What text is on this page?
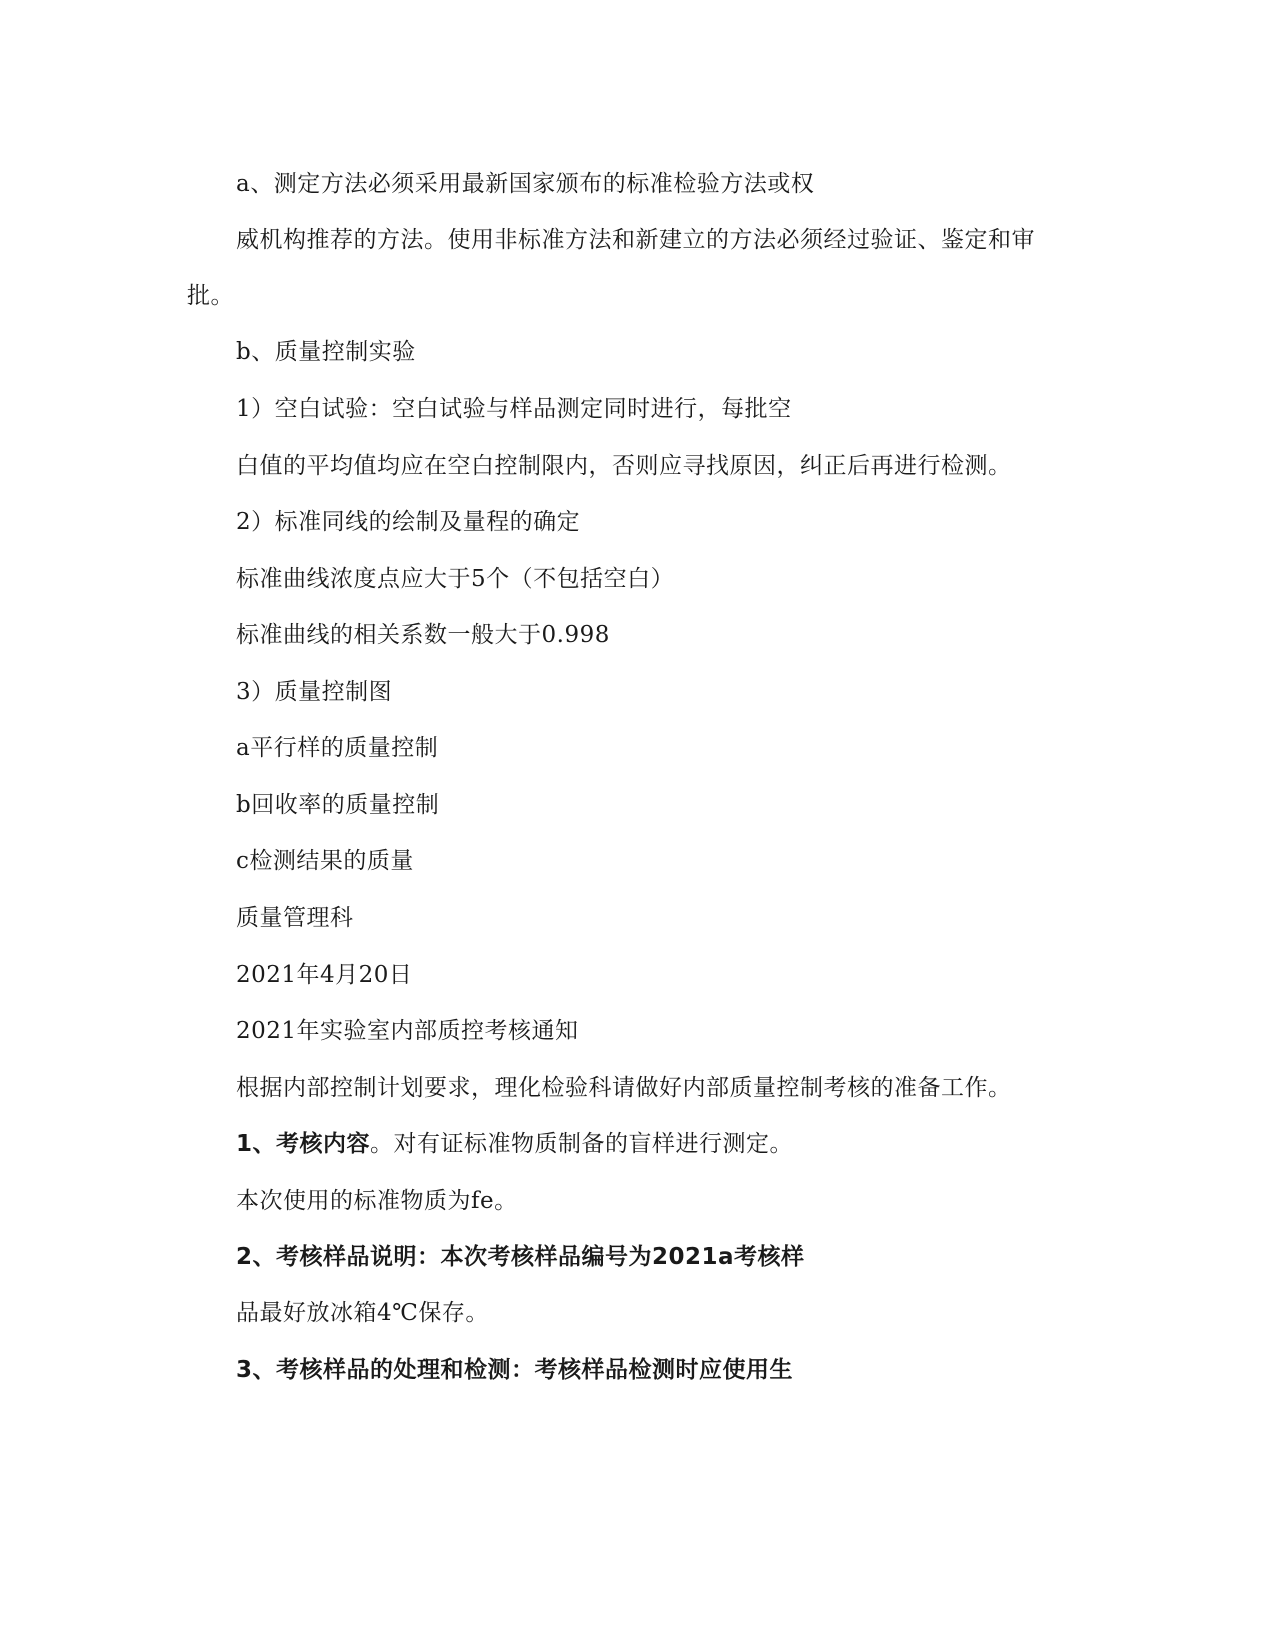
a、测定方法必须采用最新国家颁布的标准检验方法或权
威机构推荐的方法。使用非标准方法和新建立的方法必须经过验证、鉴定和审
批。
b、质量控制实验
1）空白试验：空白试验与样品测定同时进行，每批空
白值的平均值均应在空白控制限内，否则应寻找原因，纠正后再进行检测。
2）标准同线的绘制及量程的确定
标准曲线浓度点应大于5个（不包括空白）
标准曲线的相关系数一般大于0.998
3）质量控制图
a平行样的质量控制
b回收率的质量控制
c检测结果的质量
质量管理科
2021年4月20日
2021年实验室内部质控考核通知
根据内部控制计划要求，理化检验科请做好内部质量控制考核的准备工作。
1、考核内容。对有证标准物质制备的盲样进行测定。
本次使用的标准物质为fe。
2、考核样品说明：本次考核样品编号为2021a考核样
品最好放冰箱4℃保存。
3、考核样品的处理和检测：考核样品检测时应使用生
